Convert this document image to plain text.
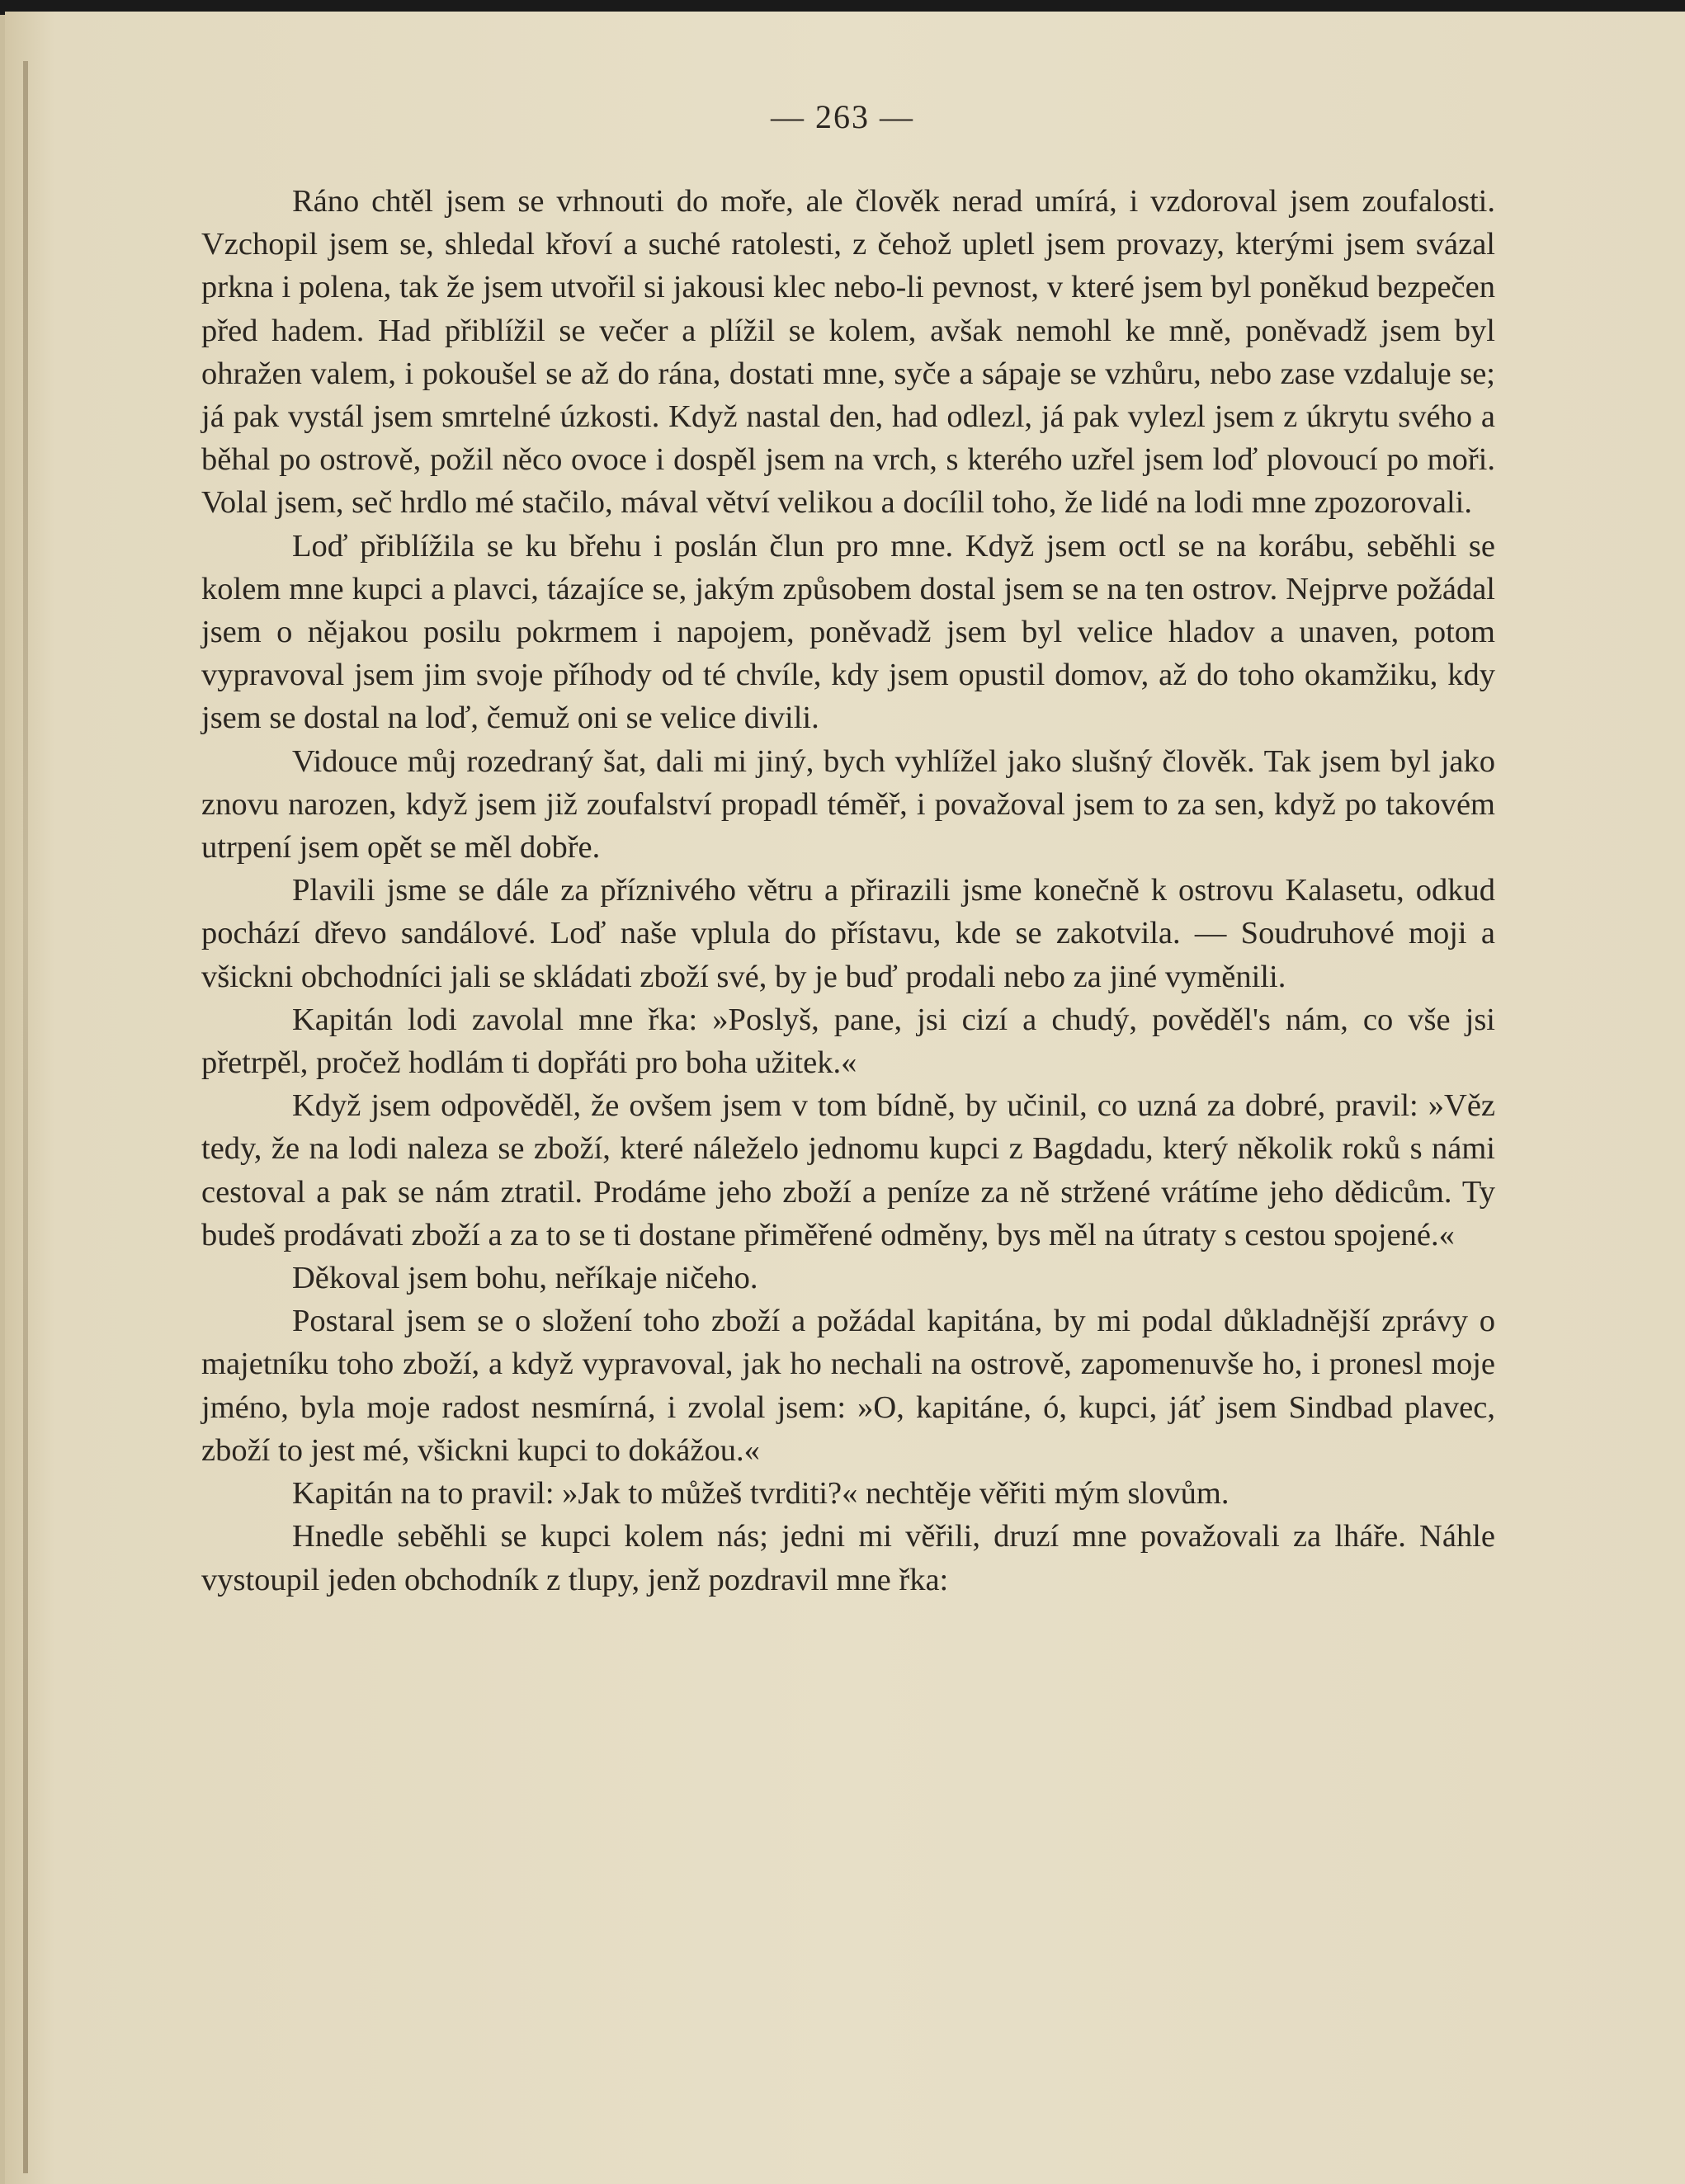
— 263 —

Ráno chtěl jsem se vrhnouti do moře, ale člověk nerad umírá, i vzdoroval jsem zoufalosti. Vzchopil jsem se, shledal křoví a suché ratolesti, z čehož upletl jsem provazy, kterými jsem svázal prkna i polena, tak že jsem utvořil si jakousi klec nebo-li pevnost, v které jsem byl poněkud bezpečen před hadem. Had přiblížil se večer a plížil se kolem, avšak nemohl ke mně, poněvadž jsem byl ohražen valem, i pokoušel se až do rána, dostati mne, syče a sápaje se vzhůru, nebo zase vzdaluje se; já pak vystál jsem smrtelné úzkosti. Když nastal den, had odlezl, já pak vylezl jsem z úkrytu svého a běhal po ostrově, požil něco ovoce i dospěl jsem na vrch, s kterého uzřel jsem loď plovoucí po moři. Volal jsem, seč hrdlo mé stačilo, mával větví velikou a docílil toho, že lidé na lodi mne zpozorovali.

Loď přiblížila se ku břehu i poslán člun pro mne. Když jsem octl se na korábu, seběhli se kolem mne kupci a plavci, tázajíce se, jakým způsobem dostal jsem se na ten ostrov. Nejprve požádal jsem o nějakou posilu pokrmem i napojem, poněvadž jsem byl velice hladov a unaven, potom vypravoval jsem jim svoje příhody od té chvíle, kdy jsem opustil domov, až do toho okamžiku, kdy jsem se dostal na loď, čemuž oni se velice divili.

Vidouce můj rozedraný šat, dali mi jiný, bych vyhlížel jako slušný člověk. Tak jsem byl jako znovu narozen, když jsem již zoufalství propadl téměř, i považoval jsem to za sen, když po takovém utrpení jsem opět se měl dobře.

Plavili jsme se dále za příznivého větru a přirazili jsme konečně k ostrovu Kalasetu, odkud pochází dřevo sandálové. Loď naše vplula do přístavu, kde se zakotvila. — Soudruhové moji a všickni obchodníci jali se skládati zboží své, by je buď prodali nebo za jiné vyměnili.

Kapitán lodi zavolal mne řka: »Poslyš, pane, jsi cizí a chudý, pověděl's nám, co vše jsi přetrpěl, pročež hodlám ti dopřáti pro boha užitek.«

Když jsem odpověděl, že ovšem jsem v tom bídně, by učinil, co uzná za dobré, pravil: »Věz tedy, že na lodi naleza se zboží, které náleželo jednomu kupci z Bagdadu, který několik roků s námi cestoval a pak se nám ztratil. Prodáme jeho zboží a peníze za ně stržené vrátíme jeho dědicům. Ty budeš prodávati zboží a za to se ti dostane přiměřené odměny, bys měl na útraty s cestou spojené.«

Děkoval jsem bohu, neříkaje ničeho.

Postaral jsem se o složení toho zboží a požádal kapitána, by mi podal důkladnější zprávy o majetníku toho zboží, a když vypravoval, jak ho nechali na ostrově, zapomenuvše ho, i pronesl moje jméno, byla moje radost nesmírná, i zvolal jsem: »O, kapitáne, ó, kupci, jáť jsem Sindbad plavec, zboží to jest mé, všickni kupci to dokážou.«

Kapitán na to pravil: »Jak to můžeš tvrditi?« nechtěje věřiti mým slovům.

Hnedle seběhli se kupci kolem nás; jedni mi věřili, druzí mne považovali za lháře. Náhle vystoupil jeden obchodník z tlupy, jenž pozdravil mne řka:
